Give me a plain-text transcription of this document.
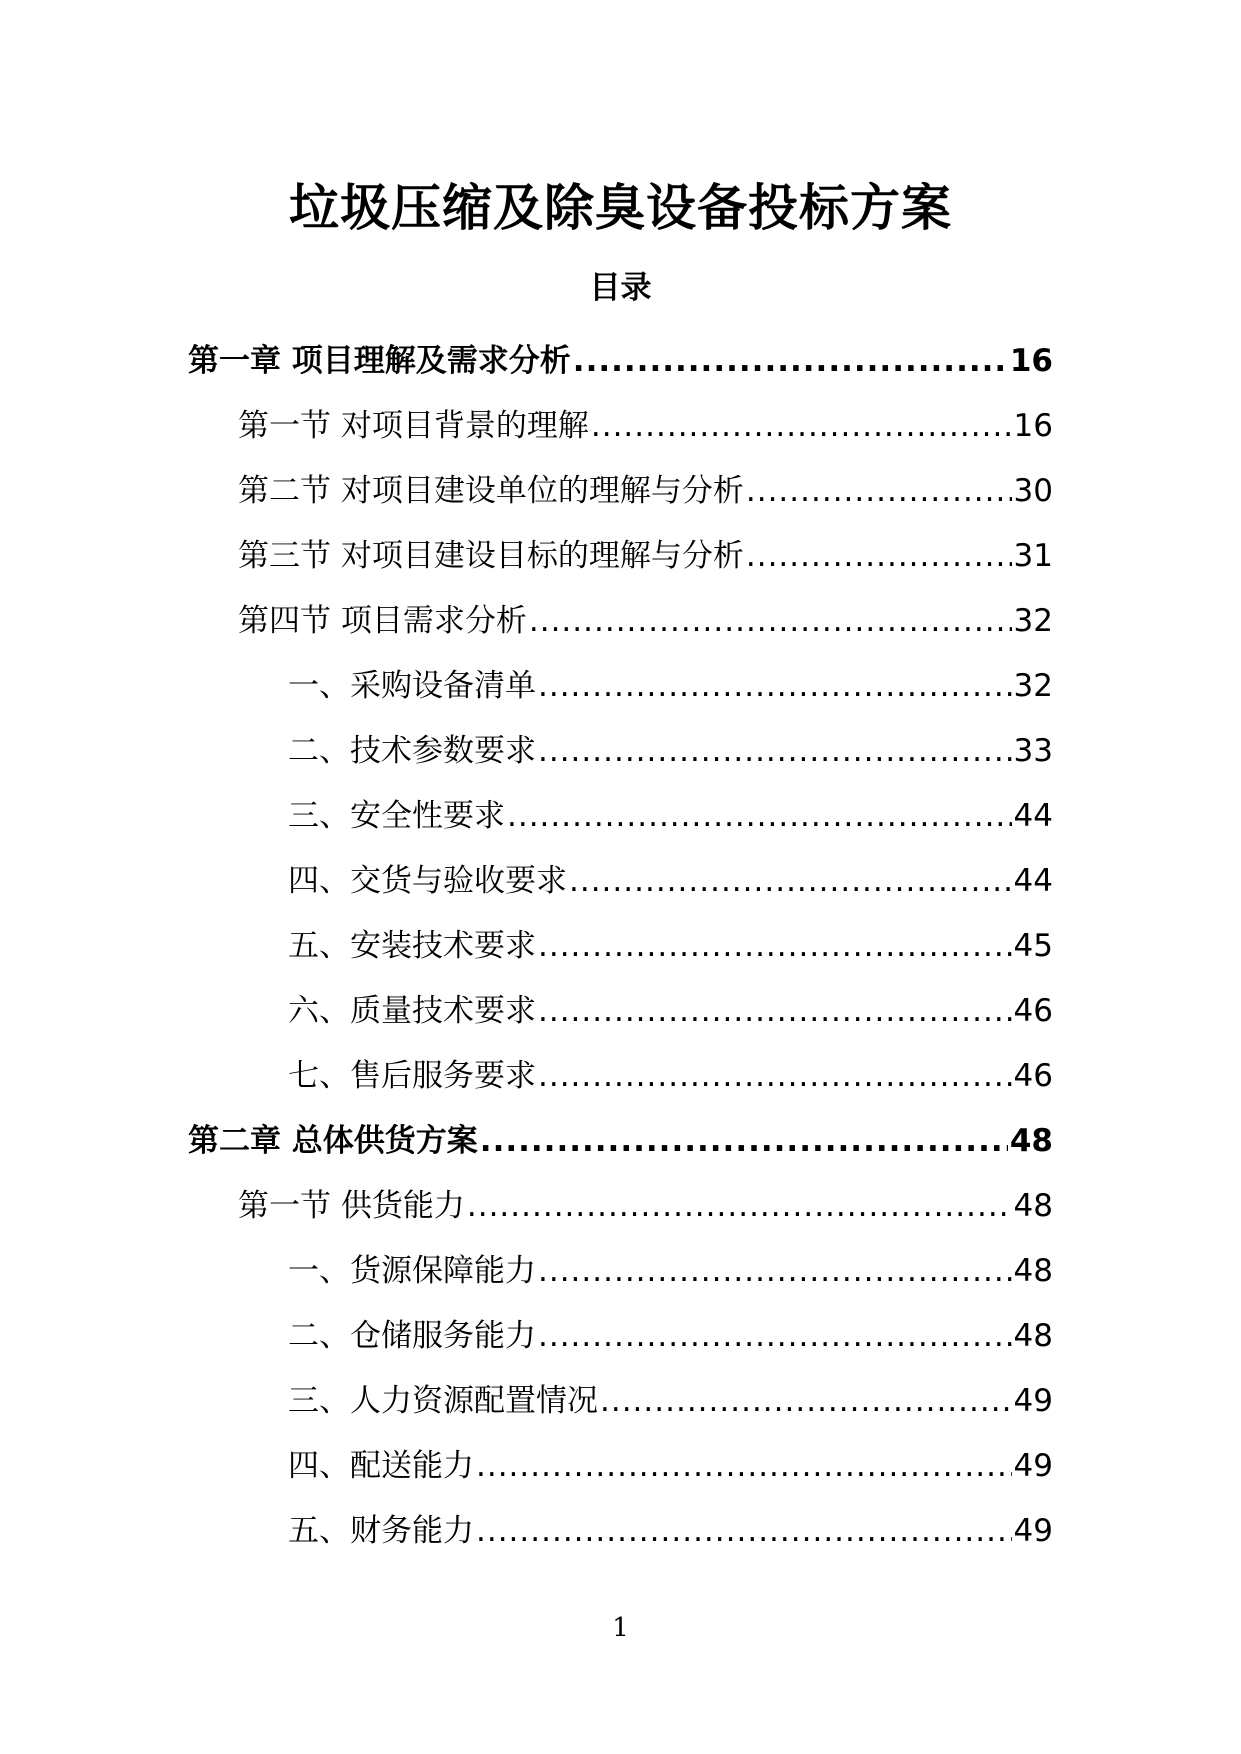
垃圾压缩及除臭设备投标方案
目录
第一章 项目理解及需求分析 .....	16
第一节 对项目背景的理解 .....	16
第二节 对项目建设单位的理解与分析 .....	30
第三节 对项目建设目标的理解与分析 .....	31
第四节 项目需求分析 .....	32
一、采购设备清单 .....	32
二、技术参数要求 .....	33
三、安全性要求 .....	44
四、交货与验收要求 .....	44
五、安装技术要求 .....	45
六、质量技术要求 .....	46
七、售后服务要求 .....	46
第二章 总体供货方案 .....	48
第一节 供货能力 .....	48
一、货源保障能力 .....	48
二、仓储服务能力 .....	48
三、人力资源配置情况 .....	49
四、配送能力 .....	49
五、财务能力 .....	49
1
